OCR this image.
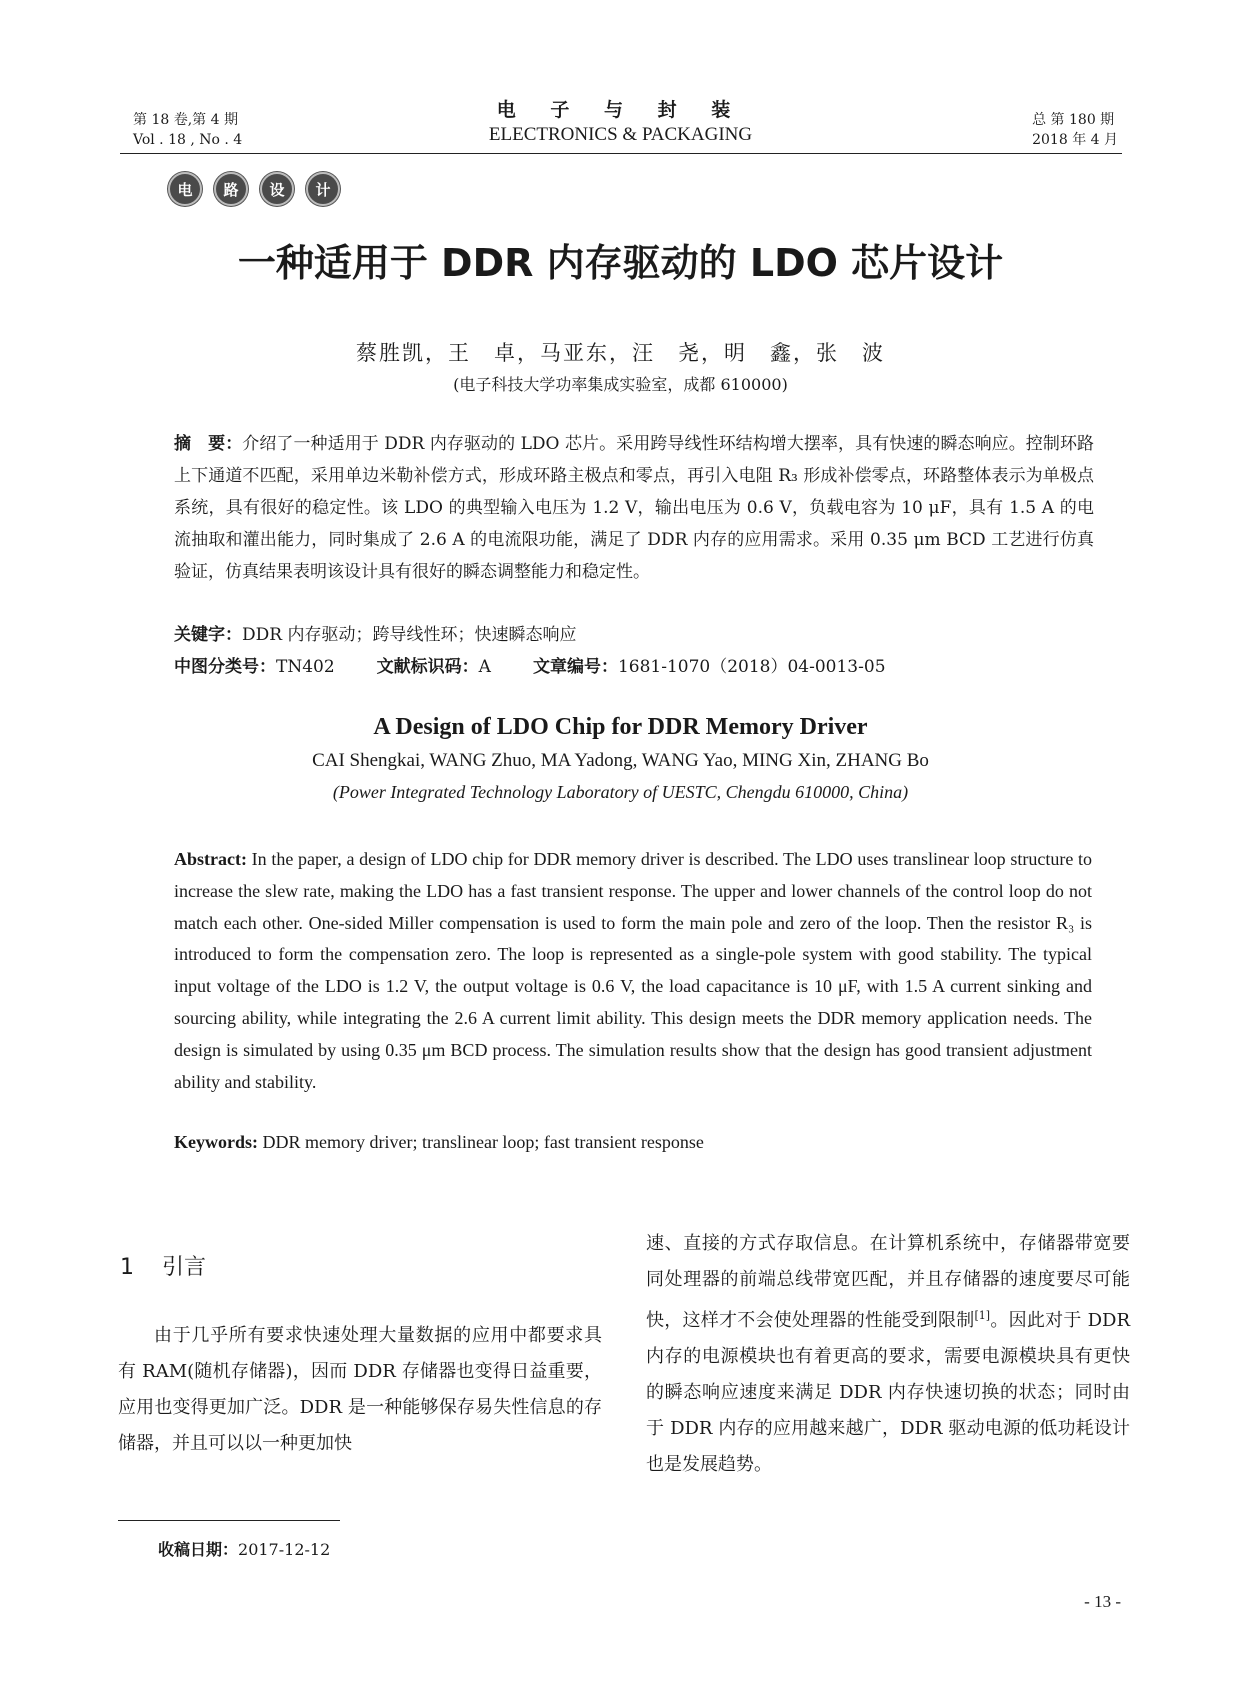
第 18 卷,第 4 期
Vol . 18 , No . 4
电 子 与 封 装
ELECTRONICS & PACKAGING
总 第 180 期
2018 年 4 月
电	路	设	计
一种适用于 DDR 内存驱动的 LDO 芯片设计
蔡胜凯，王　卓，马亚东，汪　尧，明　鑫，张　波
(电子科技大学功率集成实验室，成都 610000)
摘　要：介绍了一种适用于 DDR 内存驱动的 LDO 芯片。采用跨导线性环结构增大摆率，具有快速的瞬态响应。控制环路上下通道不匹配，采用单边米勒补偿方式，形成环路主极点和零点，再引入电阻 R₃ 形成补偿零点，环路整体表示为单极点系统，具有很好的稳定性。该 LDO 的典型输入电压为 1.2 V，输出电压为 0.6 V，负载电容为 10 μF，具有 1.5 A 的电流抽取和灌出能力，同时集成了 2.6 A 的电流限功能，满足了 DDR 内存的应用需求。采用 0.35 μm BCD 工艺进行仿真验证，仿真结果表明该设计具有很好的瞬态调整能力和稳定性。
关键字：DDR 内存驱动；跨导线性环；快速瞬态响应
中图分类号：TN402 文献标识码：A 文章编号：1681-1070（2018）04-0013-05
A Design of LDO Chip for DDR Memory Driver
CAI Shengkai, WANG Zhuo, MA Yadong, WANG Yao, MING Xin, ZHANG Bo
(Power Integrated Technology Laboratory of UESTC, Chengdu 610000, China)
Abstract: In the paper, a design of LDO chip for DDR memory driver is described. The LDO uses translinear loop structure to increase the slew rate, making the LDO has a fast transient response. The upper and lower channels of the control loop do not match each other. One-sided Miller compensation is used to form the main pole and zero of the loop. Then the resistor R₃ is introduced to form the compensation zero. The loop is represented as a single-pole system with good stability. The typical input voltage of the LDO is 1.2 V, the output voltage is 0.6 V, the load capacitance is 10 μF, with 1.5 A current sinking and sourcing ability, while integrating the 2.6 A current limit ability. This design meets the DDR memory application needs. The design is simulated by using 0.35 μm BCD process. The simulation results show that the design has good transient adjustment ability and stability.
Keywords: DDR memory driver; translinear loop; fast transient response
1 引言
由于几乎所有要求快速处理大量数据的应用中都要求具有 RAM(随机存储器)，因而 DDR 存储器也变得日益重要，应用也变得更加广泛。DDR 是一种能够保存易失性信息的存储器，并且可以以一种更加快
速、直接的方式存取信息。在计算机系统中，存储器带宽要同处理器的前端总线带宽匹配，并且存储器的速度要尽可能快，这样才不会使处理器的性能受到限制[1]。因此对于 DDR 内存的电源模块也有着更高的要求，需要电源模块具有更快的瞬态响应速度来满足 DDR 内存快速切换的状态；同时由于 DDR 内存的应用越来越广，DDR 驱动电源的低功耗设计也是发展趋势。
收稿日期：2017-12-12
- 13 -
